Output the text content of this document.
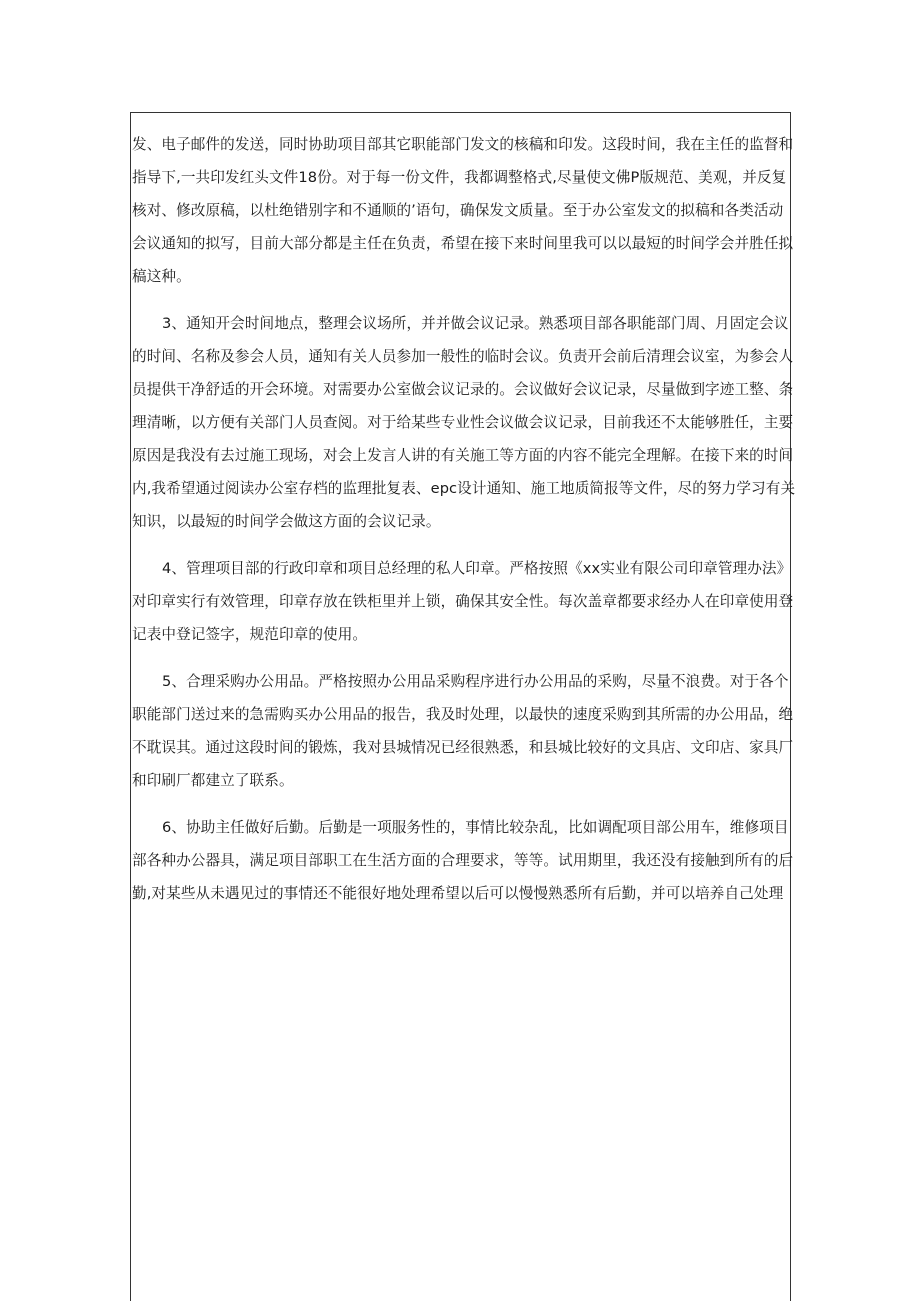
发、电子邮件的发送，同时协助项目部其它职能部门发文的核稿和印发。这段时间，我在主任的监督和
指导下,一共印发红头文件18份。对于每一份文件，我都调整格式,尽量使文佛P版规范、美观，并反复
核对、修改原稿，以杜绝错别字和不通顺的’语句，确保发文质量。至于办公室发文的拟稿和各类活动
会议通知的拟写，目前大部分都是主任在负责，希望在接下来时间里我可以以最短的时间学会并胜任拟
稿这种。
3、通知开会时间地点，整理会议场所，并并做会议记录。熟悉项目部各职能部门周、月固定会议
的时间、名称及参会人员，通知有关人员参加一般性的临时会议。负责开会前后清理会议室，为参会人
员提供干净舒适的开会环境。对需要办公室做会议记录的。会议做好会议记录，尽量做到字迹工整、条
理清晰，以方便有关部门人员查阅。对于给某些专业性会议做会议记录，目前我还不太能够胜任，主要
原因是我没有去过施工现场，对会上发言人讲的有关施工等方面的内容不能完全理解。在接下来的时间
内,我希望通过阅读办公室存档的监理批复表、epc设计通知、施工地质简报等文件，尽的努力学习有关
知识，以最短的时间学会做这方面的会议记录。
4、管理项目部的行政印章和项目总经理的私人印章。严格按照《xx实业有限公司印章管理办法》
对印章实行有效管理，印章存放在铁柜里并上锁，确保其安全性。每次盖章都要求经办人在印章使用登
记表中登记签字，规范印章的使用。
5、合理采购办公用品。严格按照办公用品采购程序进行办公用品的采购，尽量不浪费。对于各个
职能部门送过来的急需购买办公用品的报告，我及时处理，以最快的速度采购到其所需的办公用品，绝
不耽误其。通过这段时间的锻炼，我对县城情况已经很熟悉，和县城比较好的文具店、文印店、家具厂
和印刷厂都建立了联系。
6、协助主任做好后勤。后勤是一项服务性的，事情比较杂乱，比如调配项目部公用车，维修项目
部各种办公器具，满足项目部职工在生活方面的合理要求，等等。试用期里，我还没有接触到所有的后
勤,对某些从未遇见过的事情还不能很好地处理希望以后可以慢慢熟悉所有后勤，并可以培养自己处理
